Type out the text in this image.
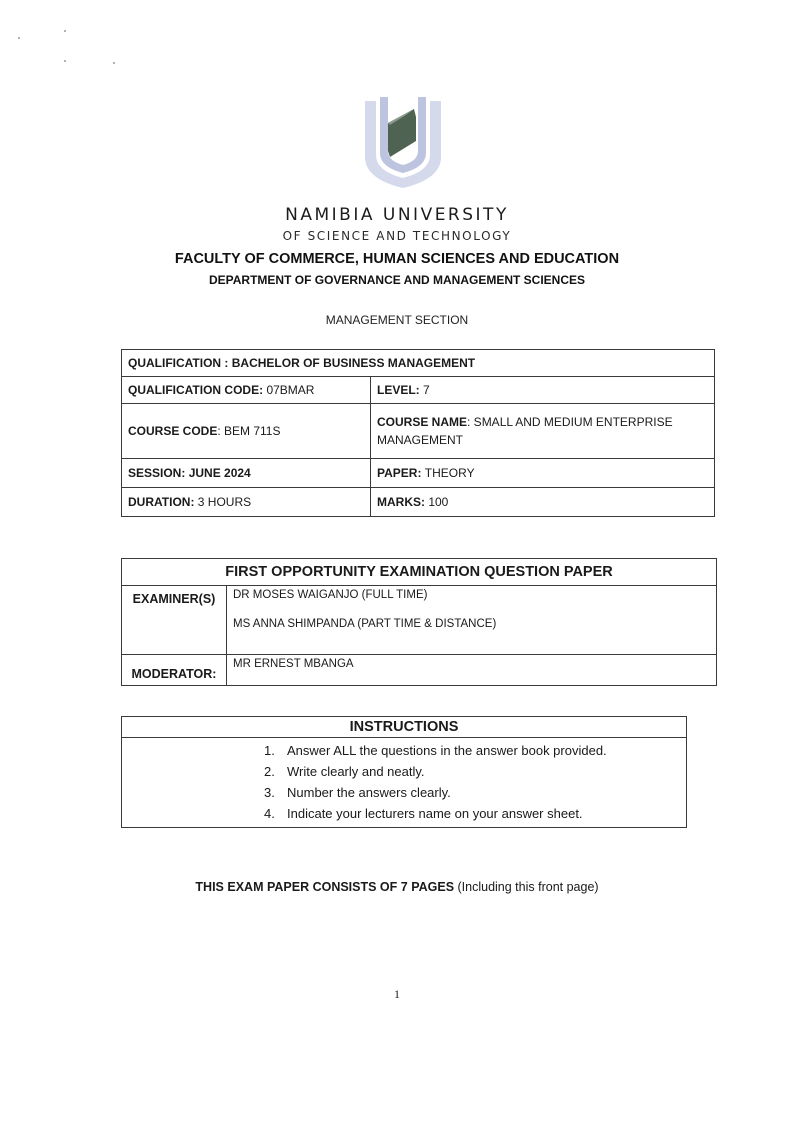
NAMIBIA UNIVERSITY
OF SCIENCE AND TECHNOLOGY
FACULTY OF COMMERCE, HUMAN SCIENCES AND EDUCATION
DEPARTMENT OF GOVERNANCE AND MANAGEMENT SCIENCES
MANAGEMENT SECTION
QUALIFICATION : BACHELOR OF BUSINESS MANAGEMENT	
QUALIFICATION CODE: 07BMAR	LEVEL: 7
COURSE CODE: BEM 711S	COURSE NAME: SMALL AND MEDIUM ENTERPRISE MANAGEMENT
SESSION: JUNE 2024	PAPER: THEORY
DURATION: 3 HOURS	MARKS: 100
FIRST OPPORTUNITY EXAMINATION QUESTION PAPER	
EXAMINER(S)	DR MOSES WAIGANJO (FULL TIME)
MS ANNA SHIMPANDA (PART TIME & DISTANCE)

MODERATOR:	MR ERNEST MBANGA
INSTRUCTIONS

1. Answer ALL the questions in the answer book provided.
2. Write clearly and neatly.
3. Number the answers clearly.
4. Indicate your lecturers name on your answer sheet.
THIS EXAM PAPER CONSISTS OF 7 PAGES (Including this front page)
1
